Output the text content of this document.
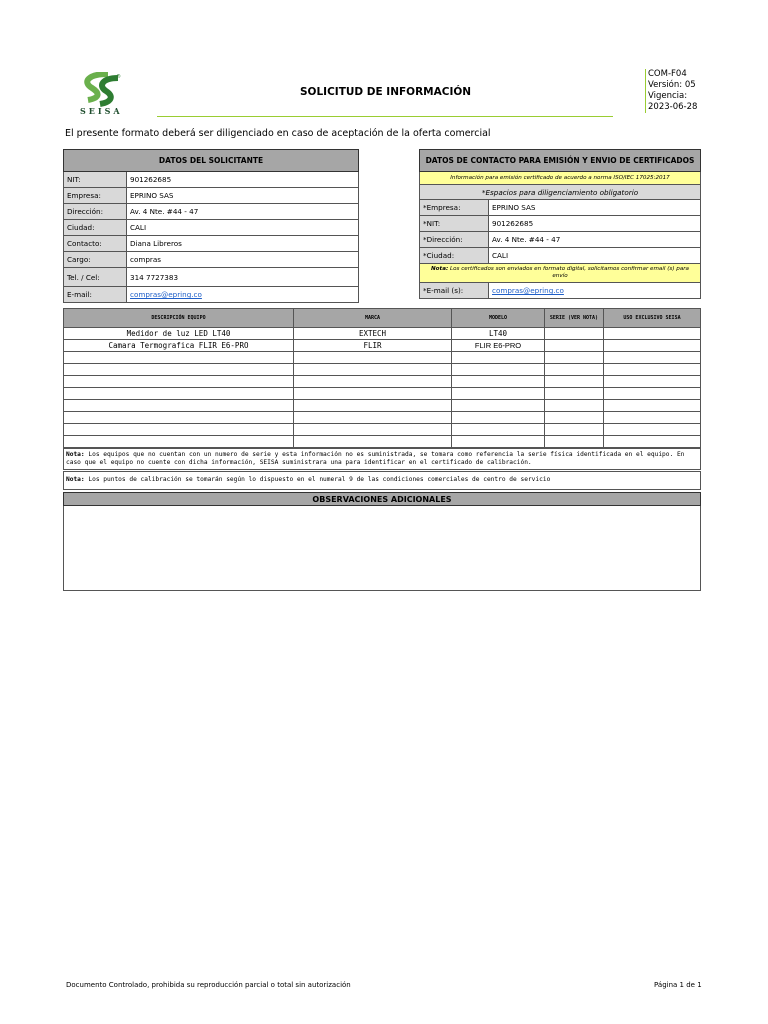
®
SEISA
SOLICITUD DE INFORMACIÓN
COM-F04
Versión: 05
Vigencia:
2023-06-28
El presente formato deberá ser diligenciado en caso de aceptación de la oferta comercial
DATOS DEL SOLICITANTE	
NIT:	901262685
Empresa:	EPRINO SAS
Dirección:	Av. 4 Nte. #44 - 47
Ciudad:	CALI
Contacto:	Diana Libreros
Cargo:	compras
Tel. / Cel:	314 7727383
E-mail:	compras@epring.co
DATOS DE CONTACTO PARA EMISIÓN Y ENVIO DE CERTIFICADOS	
Información para emisión certificado de acuerdo a norma ISO/IEC 17025:2017	
*Espacios para diligenciamiento obligatorio	
*Empresa:	EPRINO SAS
*NIT:	901262685
*Dirección:	Av. 4 Nte. #44 - 47
*Ciudad:	CALI
Nota: Los certificados son enviados en formato digital, solicitamos confirmar email (s) para envío	
*E-mail (s):	compras@epring.co
DESCRIPCIÓN EQUIPO	MARCA	MODELO	SERIE (VER NOTA)	USO EXCLUSIVO SEISA
Medidor de luz LED LT40	EXTECH	LT40		
Camara Termografica FLIR E6-PRO	FLIR	FLIR E6-PRO		

Nota: Los equipos que no cuentan con un numero de serie y esta información no es suministrada, se tomara como referencia la serie física identificada en el equipo. En caso que el equipo no cuente con dicha información, SEISA suministrara una para identificar en el certificado de calibración.
Nota: Los puntos de calibración se tomarán según lo dispuesto en el numeral 9 de las condiciones comerciales de centro de servicio
OBSERVACIONES ADICIONALES
Documento Controlado, prohibida su reproducción parcial o total sin autorización	Página 1 de 1
